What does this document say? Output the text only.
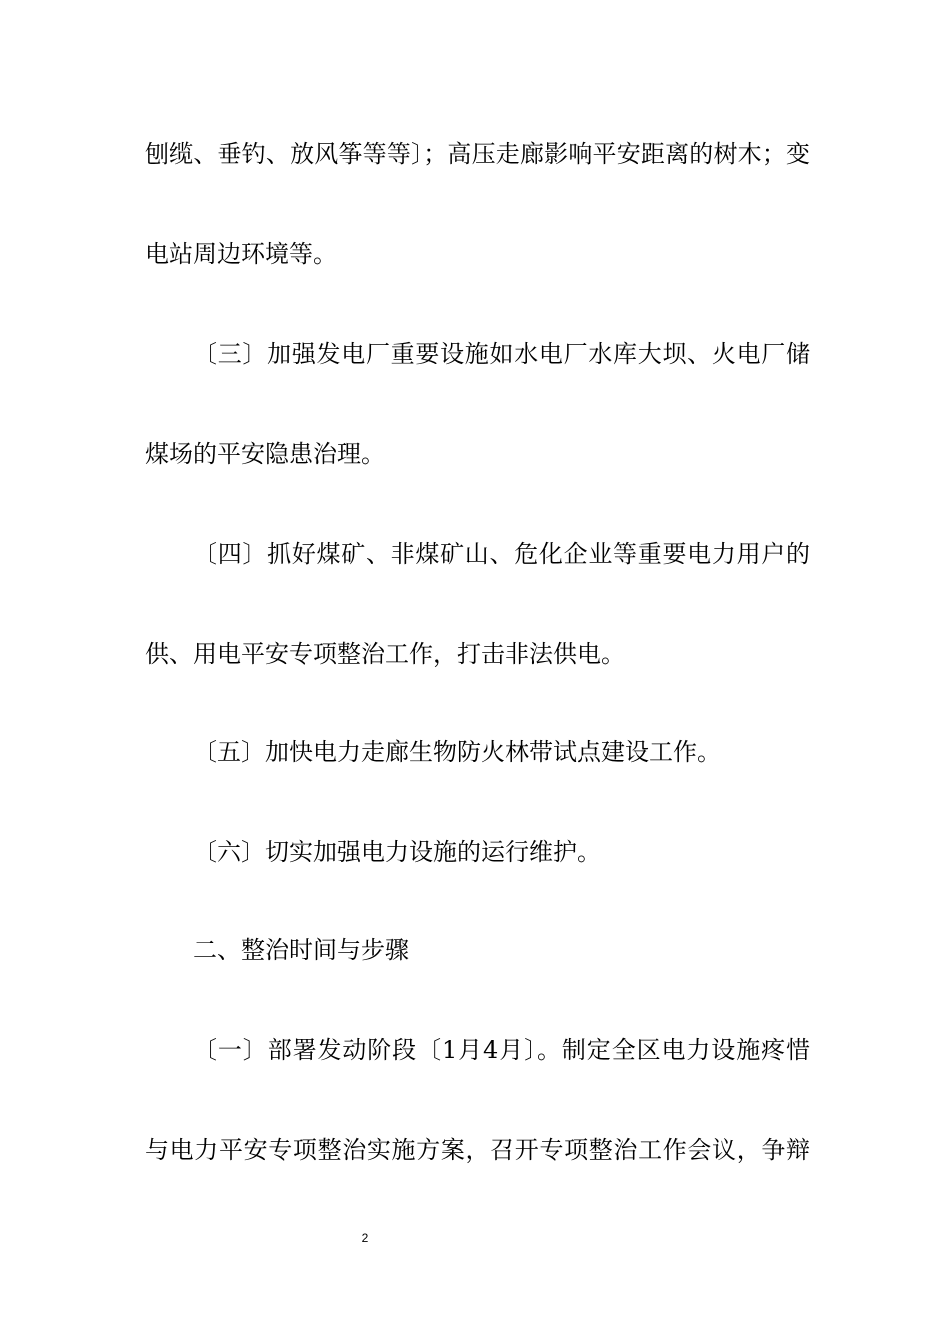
刨缆、垂钓、放风筝等等〕；高压走廊影响平安距离的树木；变
电站周边环境等。
〔三〕加强发电厂重要设施如水电厂水库大坝、火电厂储
煤场的平安隐患治理。
〔四〕抓好煤矿、非煤矿山、危化企业等重要电力用户的
供、用电平安专项整治工作，打击非法供电。
〔五〕加快电力走廊生物防火林带试点建设工作。
〔六〕切实加强电力设施的运行维护。
二、整治时间与步骤
〔一〕部署发动阶段〔1月4月〕。制定全区电力设施疼惜
与电力平安专项整治实施方案，召开专项整治工作会议，争辩
2
